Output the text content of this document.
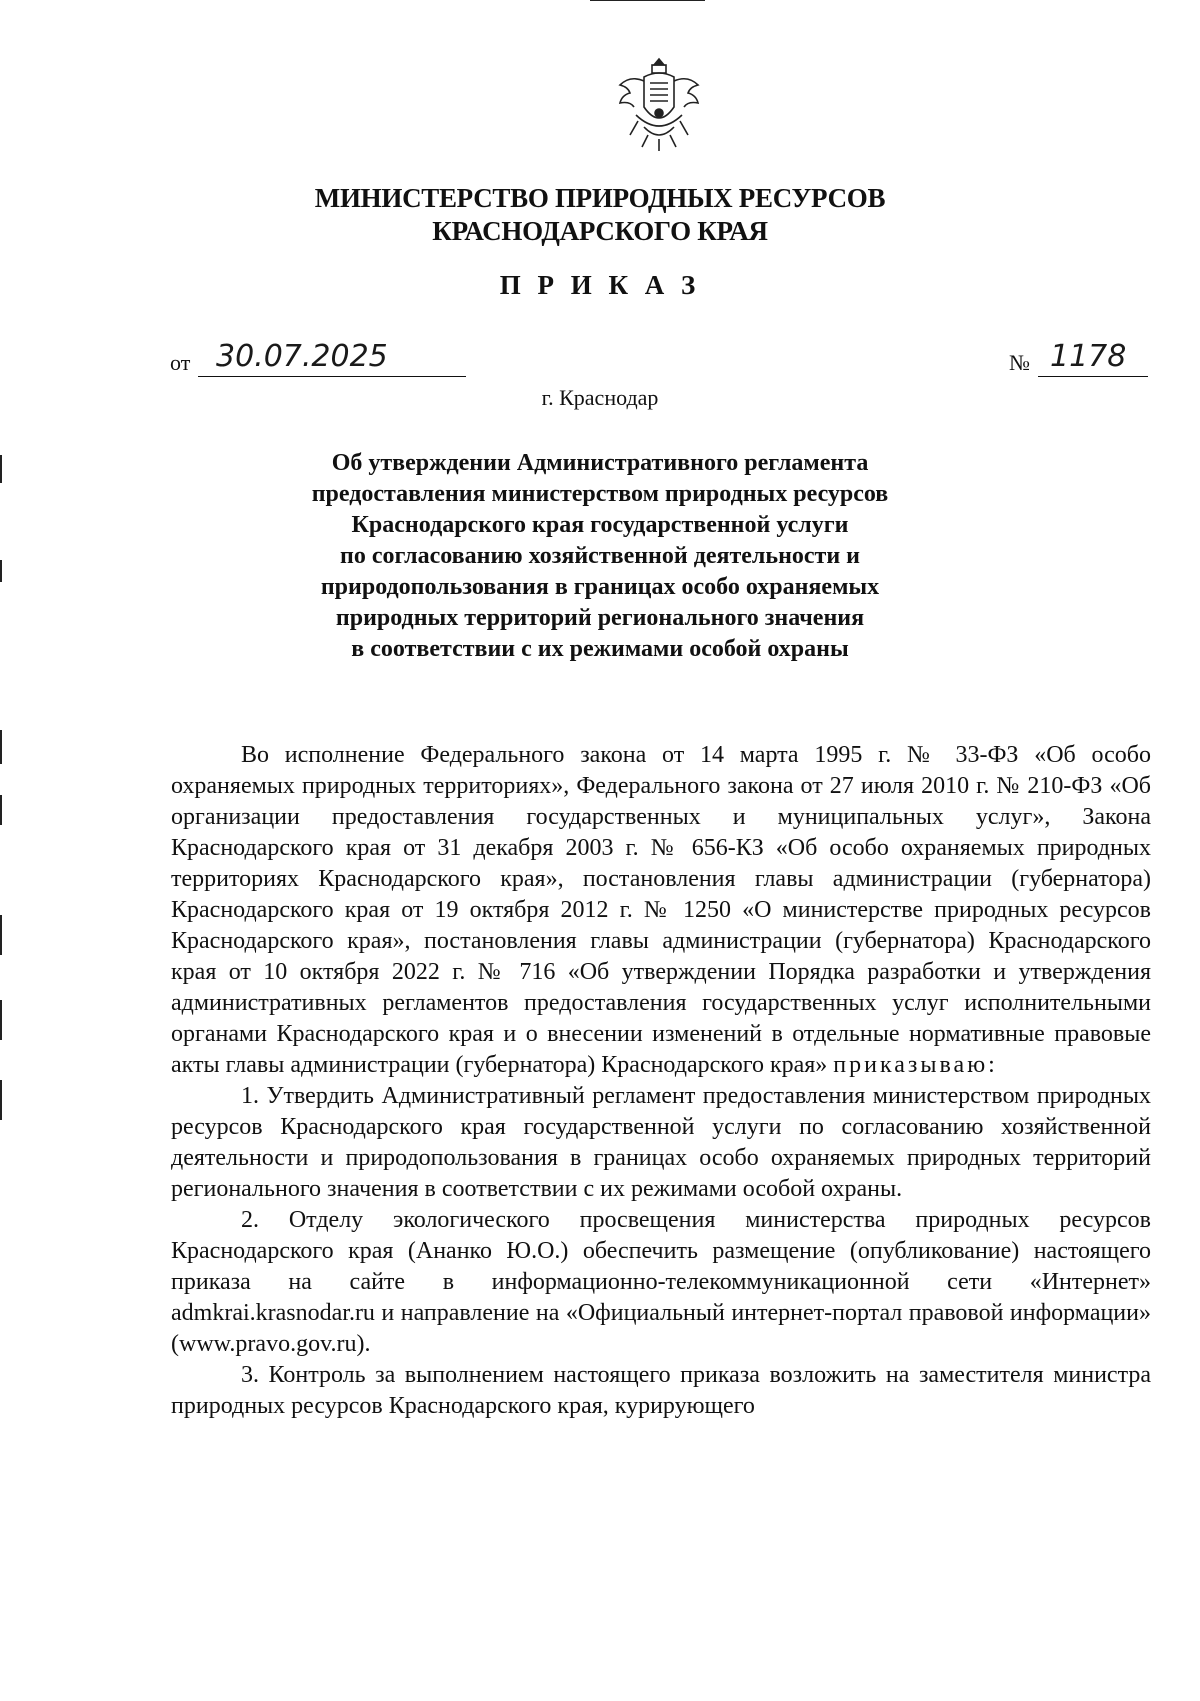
МИНИСТЕРСТВО ПРИРОДНЫХ РЕСУРСОВ
КРАСНОДАРСКОГО КРАЯ
П Р И К А З
от 30.07.2025	№ 1178
г. Краснодар
Об утверждении Административного регламента
предоставления министерством природных ресурсов
Краснодарского края государственной услуги
по согласованию хозяйственной деятельности и
природопользования в границах особо охраняемых
природных территорий регионального значения
в соответствии с их режимами особой охраны

Во исполнение Федерального закона от 14 марта 1995 г. № 33-ФЗ «Об особо охраняемых природных территориях», Федерального закона от 27 июля 2010 г. № 210-ФЗ «Об организации предоставления государственных и муниципальных услуг», Закона Краснодарского края от 31 декабря 2003 г. № 656-КЗ «Об особо охраняемых природных территориях Краснодарского края», постановления главы администрации (губернатора) Краснодарского края от 19 октября 2012 г. № 1250 «О министерстве природных ресурсов Краснодарского края», постановления главы администрации (губернатора) Краснодарского края от 10 октября 2022 г. № 716 «Об утверждении Порядка разработки и утверждения административных регламентов предоставления государственных услуг исполнительными органами Краснодарского края и о внесении изменений в отдельные нормативные правовые акты главы администрации (губернатора) Краснодарского края» приказываю:

1. Утвердить Административный регламент предоставления министерством природных ресурсов Краснодарского края государственной услуги по согласованию хозяйственной деятельности и природопользования в границах особо охраняемых природных территорий регионального значения в соответствии с их режимами особой охраны.

2. Отделу экологического просвещения министерства природных ресурсов Краснодарского края (Ананко Ю.О.) обеспечить размещение (опубликование) настоящего приказа на сайте в информационно-телекоммуникационной сети «Интернет» admkrai.krasnodar.ru и направление на «Официальный интернет-портал правовой информации» (www.pravo.gov.ru).

3. Контроль за выполнением настоящего приказа возложить на заместителя министра природных ресурсов Краснодарского края, курирующего
